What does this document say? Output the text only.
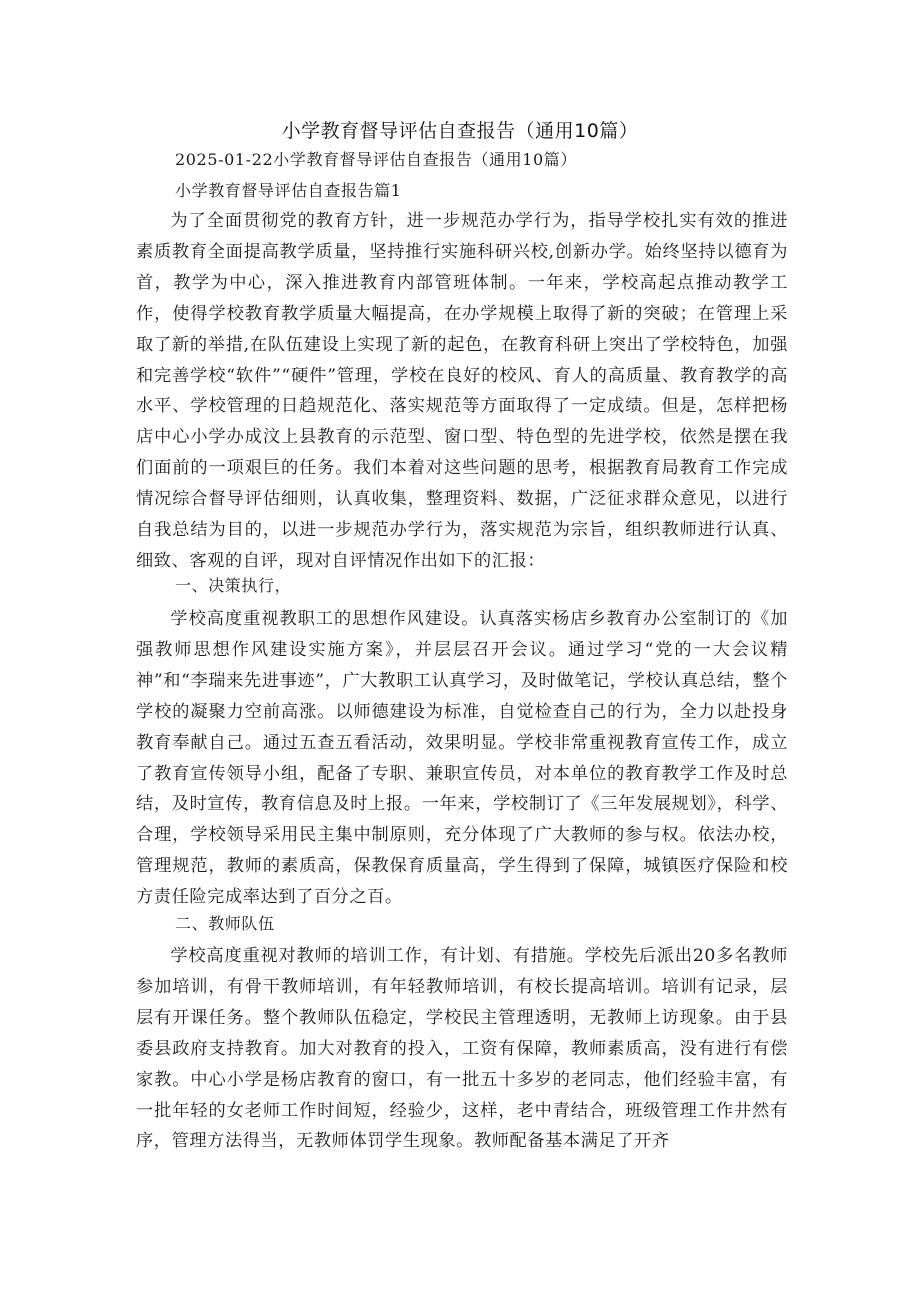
小学教育督导评估自查报告（通用10篇）

2025-01-22小学教育督导评估自查报告（通用10篇）

小学教育督导评估自查报告篇1

为了全面贯彻党的教育方针，进一步规范办学行为，指导学校扎实有效的推进素质教育全面提高教学质量，坚持推行实施科研兴校,创新办学。始终坚持以德育为首，教学为中心，深入推进教育内部管班体制。一年来，学校高起点推动教学工作，使得学校教育教学质量大幅提高，在办学规模上取得了新的突破；在管理上采取了新的举措,在队伍建设上实现了新的起色，在教育科研上突出了学校特色，加强和完善学校“软件”“硬件”管理，学校在良好的校风、育人的高质量、教育教学的高水平、学校管理的日趋规范化、落实规范等方面取得了一定成绩。但是，怎样把杨店中心小学办成汶上县教育的示范型、窗口型、特色型的先进学校，依然是摆在我们面前的一项艰巨的任务。我们本着对这些问题的思考，根据教育局教育工作完成情况综合督导评估细则，认真收集，整理资料、数据，广泛征求群众意见，以进行自我总结为目的，以进一步规范办学行为，落实规范为宗旨，组织教师进行认真、细致、客观的自评，现对自评情况作出如下的汇报：

一、决策执行，

学校高度重视教职工的思想作风建设。认真落实杨店乡教育办公室制订的《加强教师思想作风建设实施方案》，并层层召开会议。通过学习“党的一大会议精神”和“李瑞来先进事迹”，广大教职工认真学习，及时做笔记，学校认真总结，整个学校的凝聚力空前高涨。以师德建设为标准，自觉检查自己的行为，全力以赴投身教育奉献自己。通过五查五看活动，效果明显。学校非常重视教育宣传工作，成立了教育宣传领导小组，配备了专职、兼职宣传员，对本单位的教育教学工作及时总结，及时宣传，教育信息及时上报。一年来，学校制订了《三年发展规划》，科学、合理，学校领导采用民主集中制原则，充分体现了广大教师的参与权。依法办校，管理规范，教师的素质高，保教保育质量高，学生得到了保障，城镇医疗保险和校方责任险完成率达到了百分之百。

二、教师队伍

学校高度重视对教师的培训工作，有计划、有措施。学校先后派出20多名教师参加培训，有骨干教师培训，有年轻教师培训，有校长提高培训。培训有记录，层层有开课任务。整个教师队伍稳定，学校民主管理透明，无教师上访现象。由于县委县政府支持教育。加大对教育的投入，工资有保障，教师素质高，没有进行有偿家教。中心小学是杨店教育的窗口，有一批五十多岁的老同志，他们经验丰富，有一批年轻的女老师工作时间短，经验少，这样，老中青结合，班级管理工作井然有序，管理方法得当，无教师体罚学生现象。教师配备基本满足了开齐
